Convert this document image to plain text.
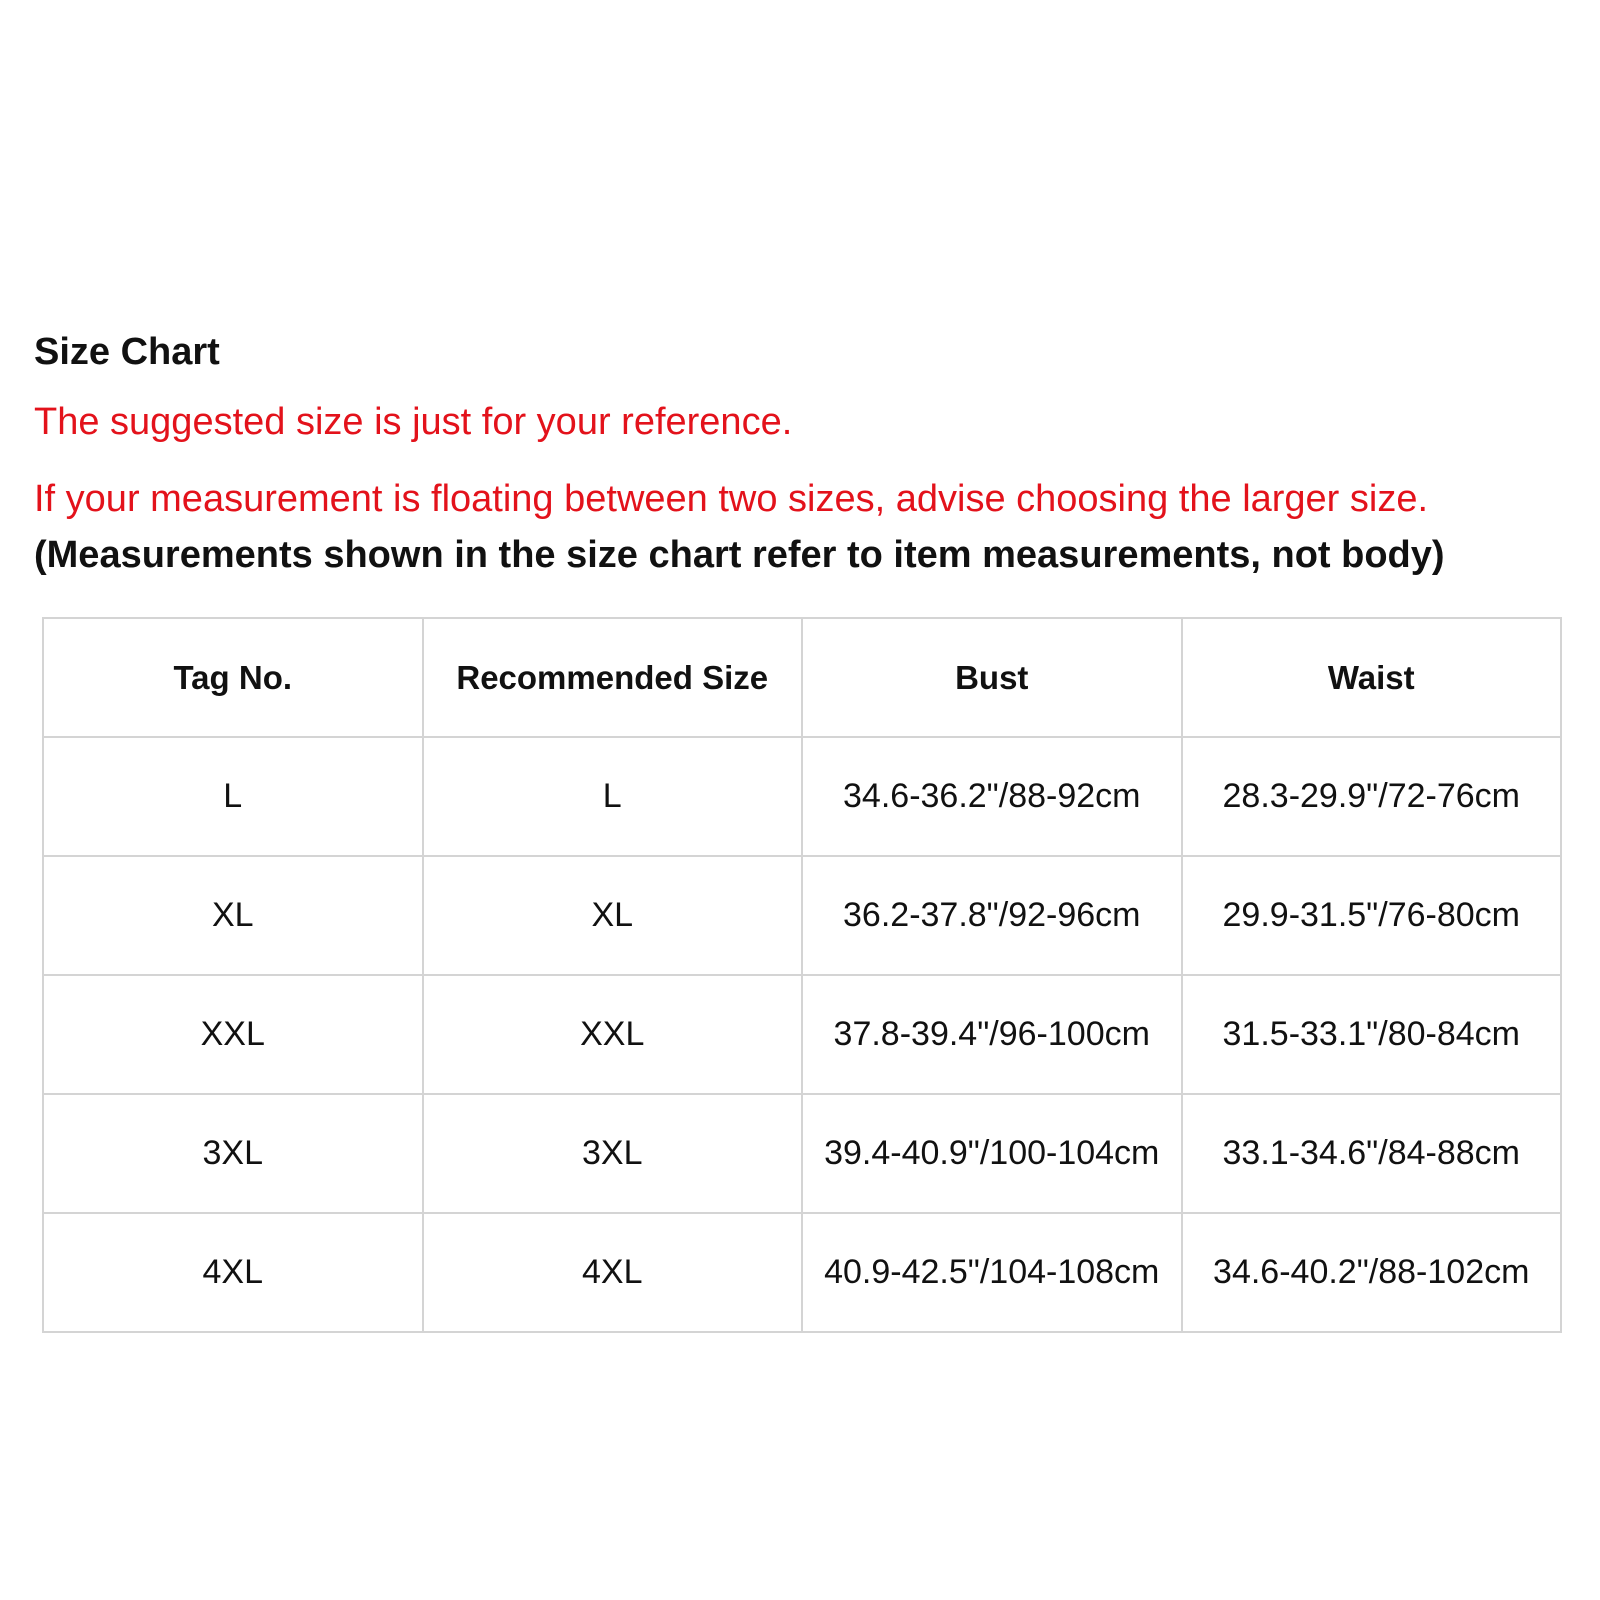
Size Chart
The suggested size is just for your reference.
If your measurement is floating between two sizes, advise choosing the larger size.
(Measurements shown in the size chart refer to item measurements, not body)
Tag No.	Recommended Size	Bust	Waist
L	L	34.6-36.2"/88-92cm	28.3-29.9"/72-76cm
XL	XL	36.2-37.8"/92-96cm	29.9-31.5"/76-80cm
XXL	XXL	37.8-39.4"/96-100cm	31.5-33.1"/80-84cm
3XL	3XL	39.4-40.9"/100-104cm	33.1-34.6"/84-88cm
4XL	4XL	40.9-42.5"/104-108cm	34.6-40.2"/88-102cm
